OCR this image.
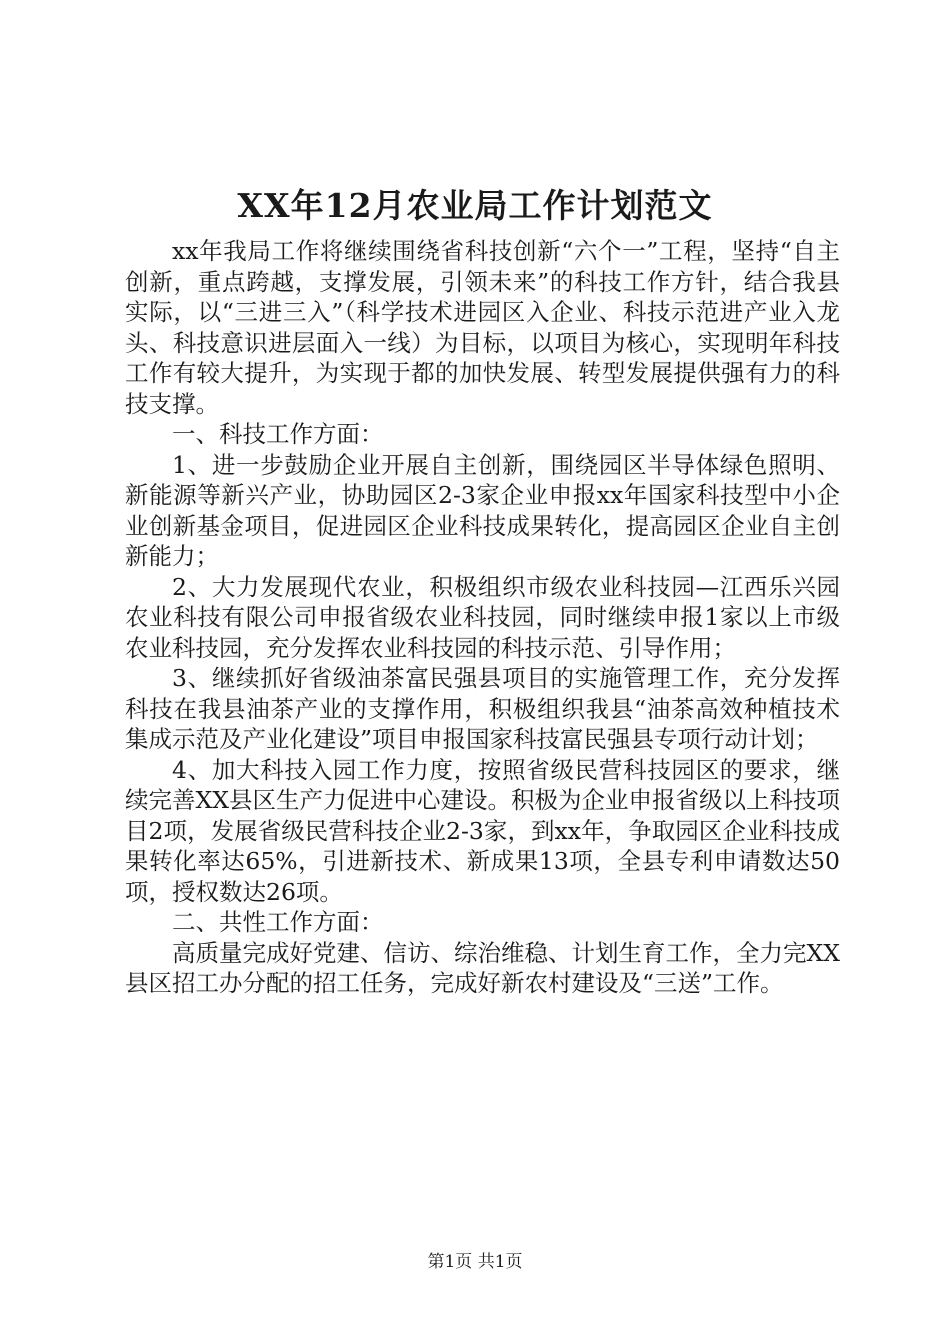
XX年12月农业局工作计划范文

xx年我局工作将继续围绕省科技创新“六个一”工程，坚持“自主创新，重点跨越，支撑发展，引领未来”的科技工作方针，结合我县实际，以“三进三入”（科学技术进园区入企业、科技示范进产业入龙头、科技意识进层面入一线）为目标，以项目为核心，实现明年科技工作有较大提升，为实现于都的加快发展、转型发展提供强有力的科技支撑。

一、科技工作方面：

1、进一步鼓励企业开展自主创新，围绕园区半导体绿色照明、新能源等新兴产业，协助园区2-3家企业申报xx年国家科技型中小企业创新基金项目，促进园区企业科技成果转化，提高园区企业自主创新能力；

2、大力发展现代农业，积极组织市级农业科技园—江西乐兴园农业科技有限公司申报省级农业科技园，同时继续申报1家以上市级农业科技园，充分发挥农业科技园的科技示范、引导作用；

3、继续抓好省级油茶富民强县项目的实施管理工作，充分发挥科技在我县油茶产业的支撑作用，积极组织我县“油茶高效种植技术集成示范及产业化建设”项目申报国家科技富民强县专项行动计划；

4、加大科技入园工作力度，按照省级民营科技园区的要求，继续完善XX县区生产力促进中心建设。积极为企业申报省级以上科技项目2项，发展省级民营科技企业2-3家，到xx年，争取园区企业科技成果转化率达65%，引进新技术、新成果13项，全县专利申请数达50项，授权数达26项。

二、共性工作方面：

高质量完成好党建、信访、综治维稳、计划生育工作，全力完XX县区招工办分配的招工任务，完成好新农村建设及“三送”工作。

第1页 共1页
